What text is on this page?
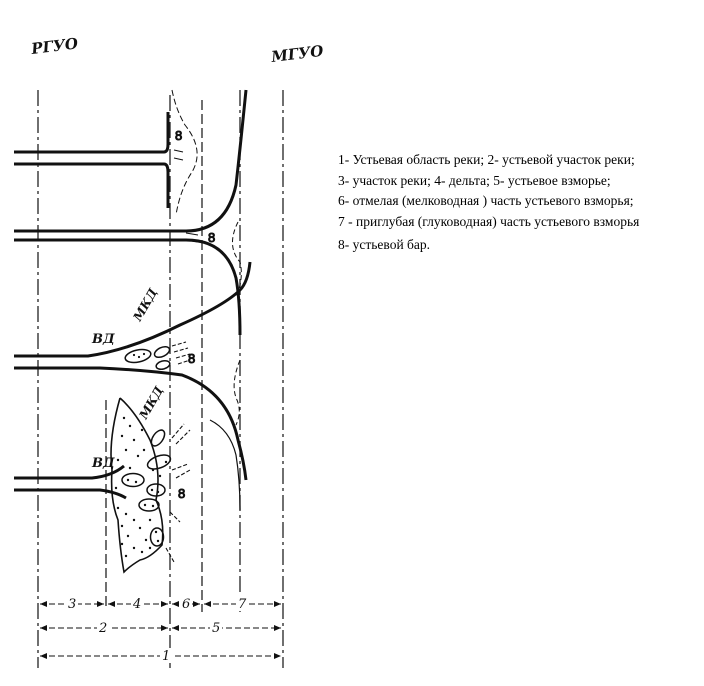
РГУО	МГУО
8
8
8
ВД
МКД
8
ВД
МКД
3	4	6	7
2	5
1
1- Устьевая область реки; 2- устьевой участок реки;
3- участок реки; 4- дельта; 5- устьевое взморье;
6- отмелая (мелководная ) часть устьевого взморья;
7 - приглубая (глуководная) часть устьевого взморья
8- устьевой бар.
